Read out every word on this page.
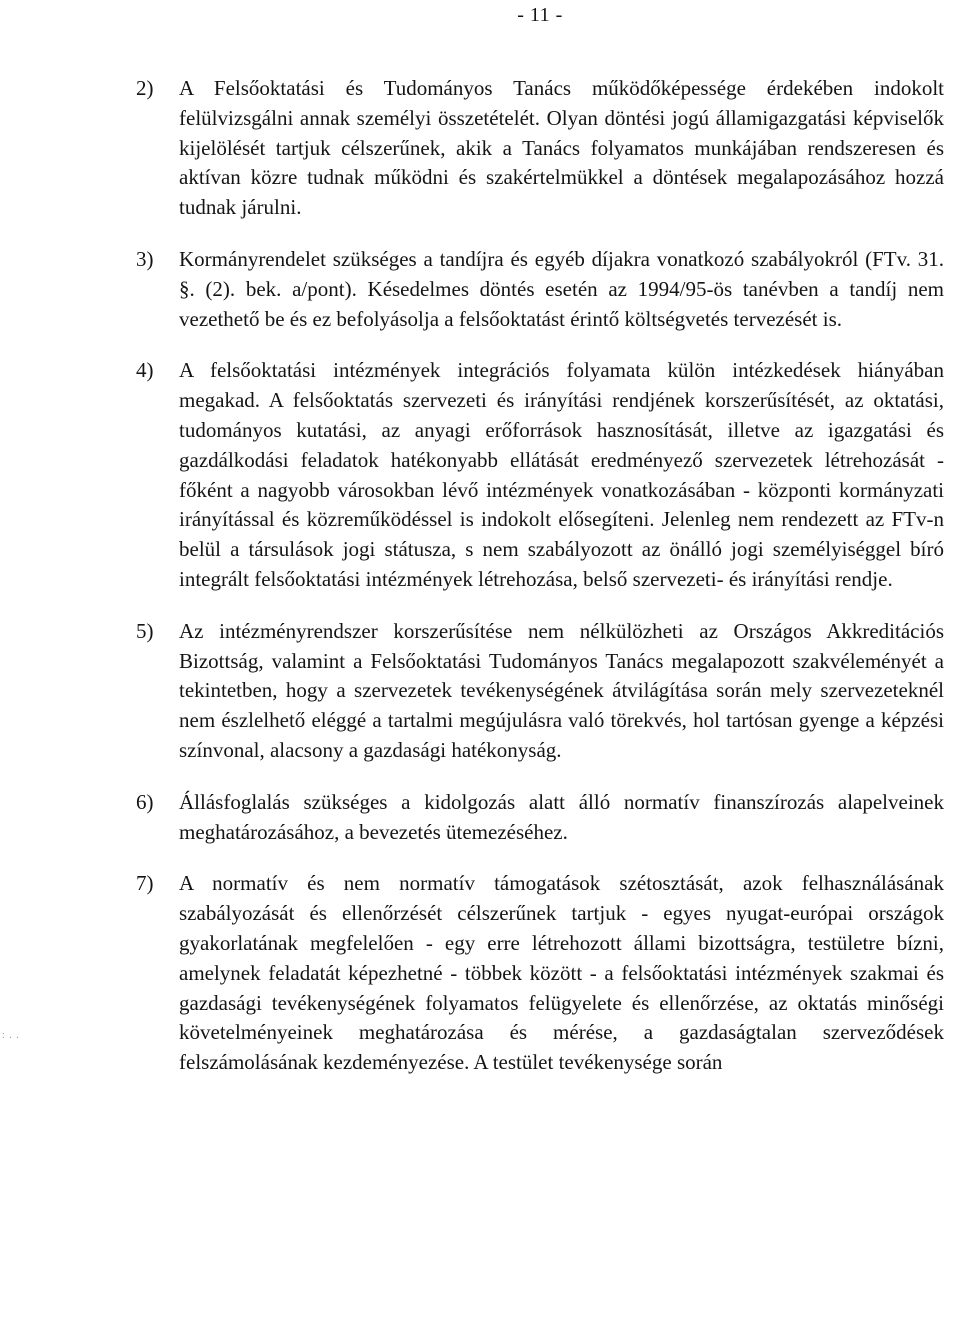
- 11 -
2) A Felsőoktatási és Tudományos Tanács működőképessége érdekében indokolt felülvizsgálni annak személyi összetételét. Olyan döntési jogú államigazgatási képviselők kijelölését tartjuk célszerűnek, akik a Tanács folyamatos munkájában rendszeresen és aktívan közre tudnak működni és szakértelmükkel a döntések megalapozásához hozzá tudnak járulni.
3) Kormányrendelet szükséges a tandíjra és egyéb díjakra vonatkozó szabályokról (FTv. 31. §. (2). bek. a/pont). Késedelmes döntés esetén az 1994/95-ös tanévben a tandíj nem vezethető be és ez befolyásolja a felsőoktatást érintő költségvetés tervezését is.
4) A felsőoktatási intézmények integrációs folyamata külön intézkedések hiányában megakad. A felsőoktatás szervezeti és irányítási rendjének korszerűsítését, az oktatási, tudományos kutatási, az anyagi erőforrások hasznosítását, illetve az igazgatási és gazdálkodási feladatok hatékonyabb ellátását eredményező szervezetek létrehozását - főként a nagyobb városokban lévő intézmények vonatkozásában - központi kormányzati irányítással és közreműködéssel is indokolt elősegíteni. Jelenleg nem rendezett az FTv-n belül a társulások jogi státusza, s nem szabályozott az önálló jogi személyiséggel bíró integrált felsőoktatási intézmények létrehozása, belső szervezeti- és irányítási rendje.
5) Az intézményrendszer korszerűsítése nem nélkülözheti az Országos Akkreditációs Bizottság, valamint a Felsőoktatási Tudományos Tanács megalapozott szakvéleményét a tekintetben, hogy a szervezetek tevékenységének átvilágítása során mely szervezeteknél nem észlelhető eléggé a tartalmi megújulásra való törekvés, hol tartósan gyenge a képzési színvonal, alacsony a gazdasági hatékonyság.
6) Állásfoglalás szükséges a kidolgozás alatt álló normatív finanszírozás alapelveinek meghatározásához, a bevezetés ütemezéséhez.
7) A normatív és nem normatív támogatások szétosztását, azok felhasználásának szabályozását és ellenőrzését célszerűnek tartjuk - egyes nyugat-európai országok gyakorlatának megfelelően - egy erre létrehozott állami bizottságra, testületre bízni, amelynek feladatát képezhetné - többek között - a felsőoktatási intézmények szakmai és gazdasági tevékenységének folyamatos felügyelete és ellenőrzése, az oktatás minőségi követelményeinek meghatározása és mérése, a gazdaságtalan szerveződések felszámolásának kezdeményezése. A testület tevékenysége során
: . .
